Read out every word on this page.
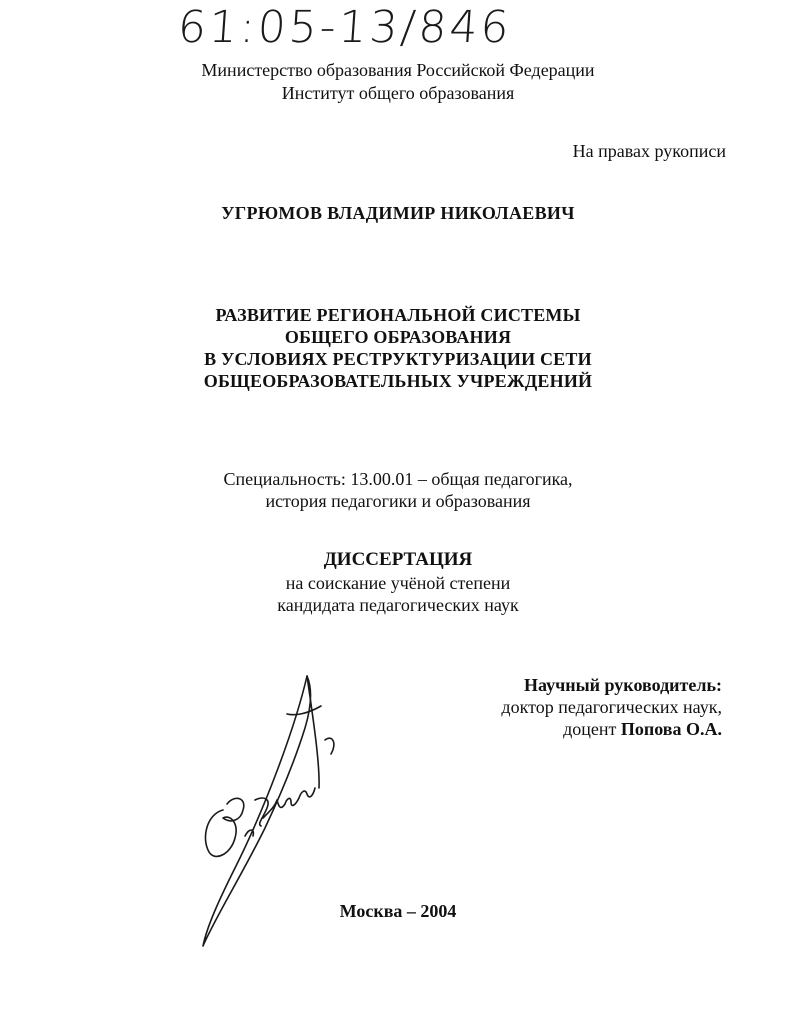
61:05-13/846
Министерство образования Российской Федерации
Институт общего образования
На правах рукописи
УГРЮМОВ ВЛАДИМИР НИКОЛАЕВИЧ
РАЗВИТИЕ РЕГИОНАЛЬНОЙ СИСТЕМЫ
ОБЩЕГО ОБРАЗОВАНИЯ
В УСЛОВИЯХ РЕСТРУКТУРИЗАЦИИ СЕТИ
ОБЩЕОБРАЗОВАТЕЛЬНЫХ УЧРЕЖДЕНИЙ
Специальность: 13.00.01 – общая педагогика,
история педагогики и образования
ДИССЕРТАЦИЯ
на соискание учёной степени
кандидата педагогических наук
Научный руководитель:
доктор педагогических наук,
доцент Попова О.А.
Москва – 2004
